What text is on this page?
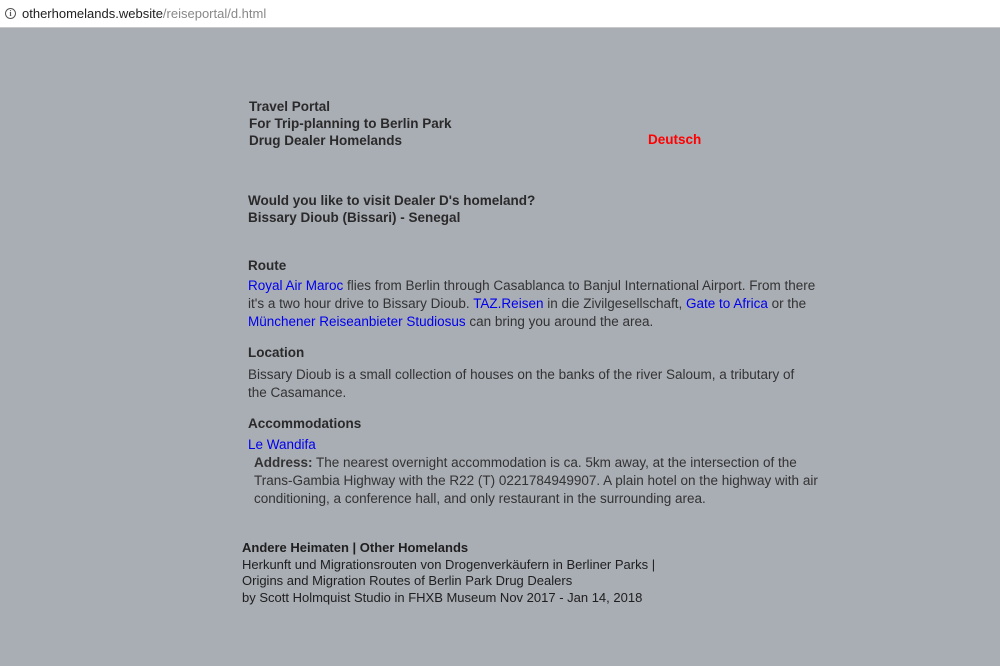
i otherhomelands.website/reiseportal/d.html
Travel Portal
For Trip-planning to Berlin Park
Drug Dealer Homelands	Deutsch
Would you like to visit Dealer D's homeland?
Bissary Dioub (Bissari) - Senegal
Route
Royal Air Maroc flies from Berlin through Casablanca to Banjul International Airport. From there it's a two hour drive to Bissary Dioub. TAZ.Reisen in die Zivilgesellschaft, Gate to Africa or the Münchener Reiseanbieter Studiosus can bring you around the area.
Location
Bissary Dioub is a small collection of houses on the banks of the river Saloum, a tributary of the Casamance.
Accommodations
Le Wandifa
Address: The nearest overnight accommodation is ca. 5km away, at the intersection of the Trans-Gambia Highway with the R22 (T) 0221784949907. A plain hotel on the highway with air conditioning, a conference hall, and only restaurant in the surrounding area.
Andere Heimaten | Other Homelands
Herkunft und Migrationsrouten von Drogenverkäufern in Berliner Parks |
Origins and Migration Routes of Berlin Park Drug Dealers
by Scott Holmquist Studio in FHXB Museum Nov 2017 - Jan 14, 2018
